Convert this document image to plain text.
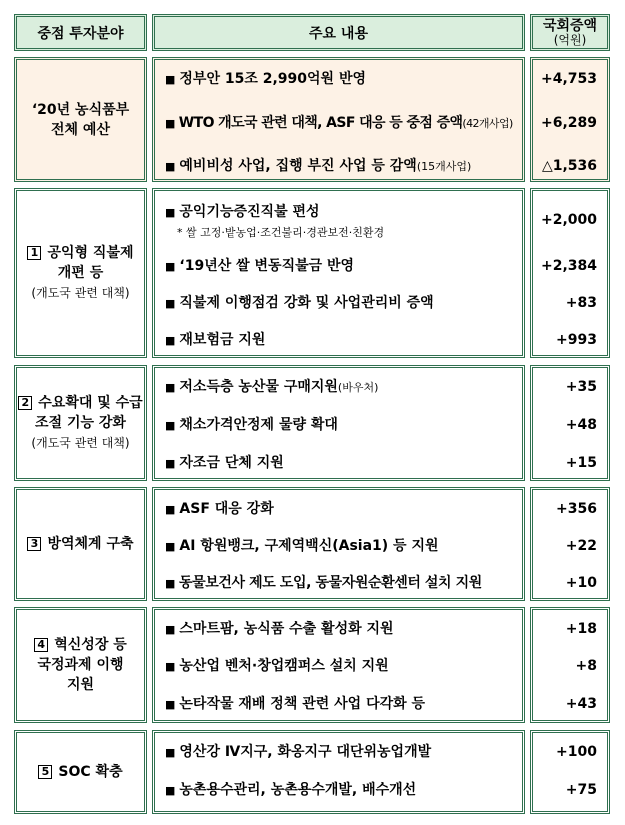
중점 투자분야	주요 내용	국회증액
(억원)
‘20년 농식품부
전체 예산
■ 정부안 15조 2,990억원 반영
■ WTO 개도국 관련 대책, ASF 대응 등 중점 증액(42개사업)
■ 예비비성 사업, 집행 부진 사업 등 감액(15개사업)
+4,753
+6,289
△1,536
1 공익형 직불제
개편 등
(개도국 관련 대책)
■ 공익기능증진직불 편성
* 쌀 고정·밭농업·조건불리·경관보전·친환경
■ ‘19년산 쌀 변동직불금 반영
■ 직불제 이행점검 강화 및 사업관리비 증액
■ 재보험금 지원
+2,000
+2,384
+83
+993
2 수요확대 및 수급
조절 기능 강화
(개도국 관련 대책)
■ 저소득층 농산물 구매지원(바우처)
■ 채소가격안정제 물량 확대
■ 자조금 단체 지원
+35
+48
+15
3 방역체계 구축
■ ASF 대응 강화
■ AI 항원뱅크, 구제역백신(Asia1) 등 지원
■ 동물보건사 제도 도입, 동물자원순환센터 설치 지원
+356
+22
+10
4 혁신성장 등
국정과제 이행
지원
■ 스마트팜, 농식품 수출 활성화 지원
■ 농산업 벤처·창업캠퍼스 설치 지원
■ 논타작물 재배 정책 관련 사업 다각화 등
+18
+8
+43
5 SOC 확충
■ 영산강 Ⅳ지구, 화옹지구 대단위농업개발
■ 농촌용수관리, 농촌용수개발, 배수개선
+100
+75
